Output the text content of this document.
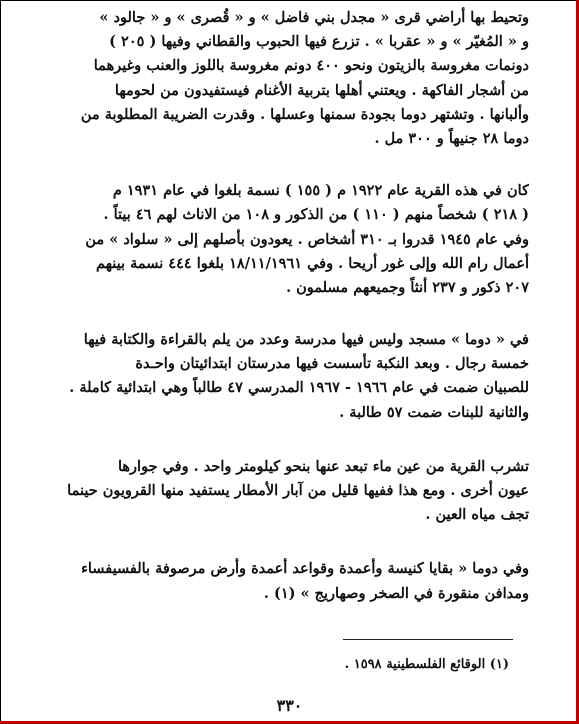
وتحيط بها أراضي قرى « مجدل بني فاضل » و « قُصرى » و « جالود »
و « المُغيّر » و « عقربا » . تزرع فيها الحبوب والقطاني وفيها ( ٢٠٥ )
دونمات مغروسة بالزيتون ونحو ٤٠٠ دونم مغروسة باللوز والعنب وغيرهما
من أشجار الفاكهة . ويعتني أهلها بتربية الأغنام فيستفيدون من لحومها
وألبانها . وتشتهر دوما بجودة سمنها وعسلها . وقدرت الضريبة المطلوبة من
دوما ٢٨ جنيهاً و ٣٠٠ مل .
كان في هذه القرية عام ١٩٢٢ م ( ١٥٥ ) نسمة بلغوا في عام ١٩٣١ م
( ٢١٨ ) شخصاً منهم ( ١١٠ ) من الذكور و ١٠٨ من الاناث لهم ٤٦ بيتاً .
وفي عام ١٩٤٥ قدروا بـ ٣١٠ أشخاص . يعودون بأصلهم إلى « سلواد » من
أعمال رام الله وإلى غور أريحا . وفي ١٨/١١/١٩٦١ بلغوا ٤٤٤ نسمة بينهم
٢٠٧ ذكور و ٢٣٧ أنثاً وجميعهم مسلمون .
في « دوما » مسجد وليس فيها مدرسة وعدد من يلم بالقراءة والكتابة فيها
خمسة رجال . وبعد النكبة تأسست فيها مدرستان ابتدائيتان واحـدة
للصبيان ضمت في عام ١٩٦٦ - ١٩٦٧ المدرسي ٤٧ طالباً وهي ابتدائية كاملة .
والثانية للبنات ضمت ٥٧ طالبة .
تشرب القرية من عين ماء تبعد عنها بنحو كيلومتر واحد . وفي جوارها
عيون أخرى . ومع هذا ففيها قليل من آبار الأمطار يستفيد منها القرويون حينما
تجف مياه العين .
وفي دوما « بقايا كنيسة وأعمدة وقواعد أعمدة وأرض مرصوفة بالفسيفساء
ومدافن منقورة في الصخر وصهاريج » (١) .
(١) الوقائع الفلسطينية ١٥٩٨ .
٣٣٠
